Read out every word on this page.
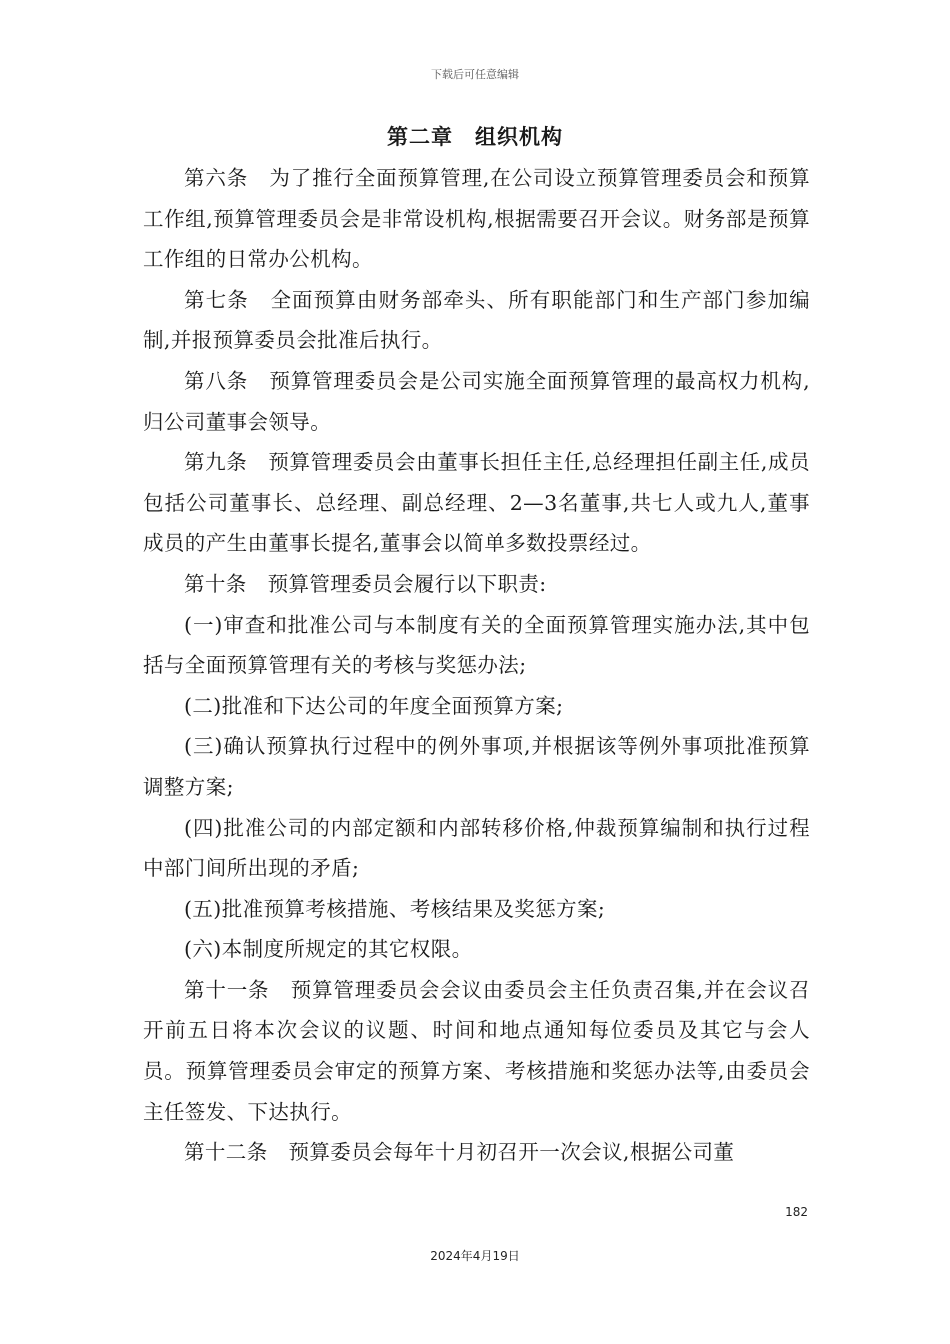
下载后可任意编辑
第二章　组织机构

第六条　为了推行全面预算管理,在公司设立预算管理委员会和预算工作组,预算管理委员会是非常设机构,根据需要召开会议。财务部是预算工作组的日常办公机构。

第七条　全面预算由财务部牵头、所有职能部门和生产部门参加编制,并报预算委员会批准后执行。

第八条　预算管理委员会是公司实施全面预算管理的最高权力机构,归公司董事会领导。

第九条　预算管理委员会由董事长担任主任,总经理担任副主任,成员包括公司董事长、总经理、副总经理、2—3名董事,共七人或九人,董事成员的产生由董事长提名,董事会以简单多数投票经过。

第十条　预算管理委员会履行以下职责:

(一)审查和批准公司与本制度有关的全面预算管理实施办法,其中包括与全面预算管理有关的考核与奖惩办法;

(二)批准和下达公司的年度全面预算方案;

(三)确认预算执行过程中的例外事项,并根据该等例外事项批准预算调整方案;

(四)批准公司的内部定额和内部转移价格,仲裁预算编制和执行过程中部门间所出现的矛盾;

(五)批准预算考核措施、考核结果及奖惩方案;

(六)本制度所规定的其它权限。

第十一条　预算管理委员会会议由委员会主任负责召集,并在会议召开前五日将本次会议的议题、时间和地点通知每位委员及其它与会人员。预算管理委员会审定的预算方案、考核措施和奖惩办法等,由委员会主任签发、下达执行。

第十二条　预算委员会每年十月初召开一次会议,根据公司董

182
2024年4月19日
